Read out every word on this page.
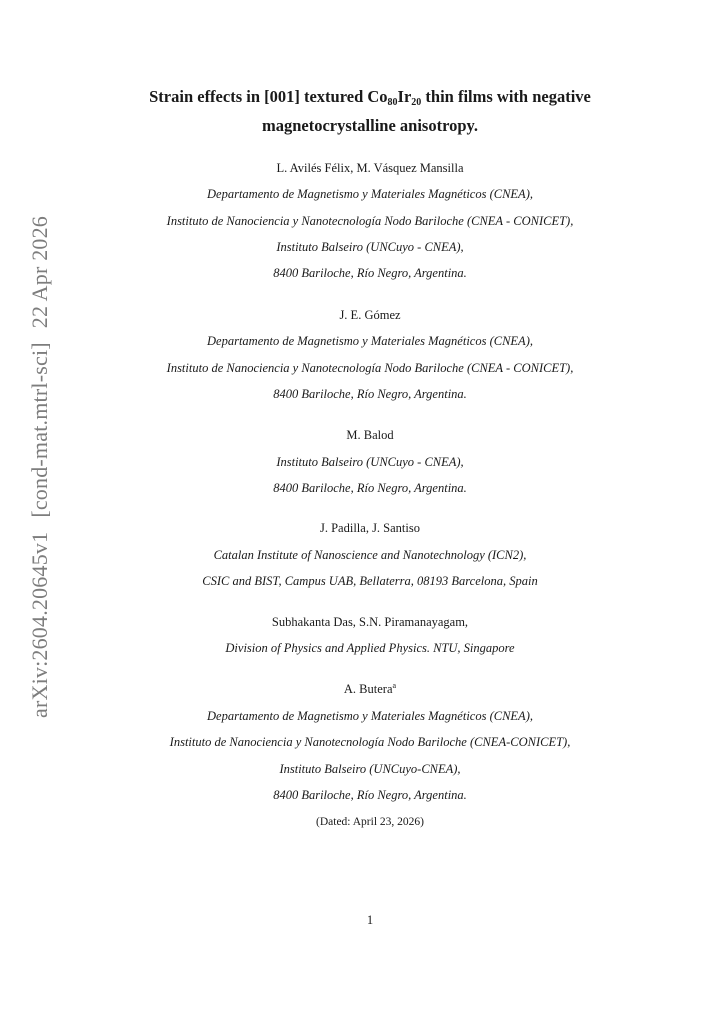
arXiv:2604.20645v1[cond-mat.mtrl-sci]22 Apr 2026
Strain effects in [001] textured $Co_{80}Ir_{20}$ thin films with negative
magnetocrystalline anisotropy.
L. Avilés Félix, M. Vásquez Mansilla
Departamento de Magnetismo y Materiales Magnéticos (CNEA),
Instituto de Nanociencia y Nanotecnología Nodo Bariloche (CNEA - CONICET),
Instituto Balseiro (UNCuyo - CNEA),
8400 Bariloche, Río Negro, Argentina.
J. E. Gómez
Departamento de Magnetismo y Materiales Magnéticos (CNEA),
Instituto de Nanociencia y Nanotecnología Nodo Bariloche (CNEA - CONICET),
8400 Bariloche, Río Negro, Argentina.
M. Balod
Instituto Balseiro (UNCuyo - CNEA),
8400 Bariloche, Río Negro, Argentina.
J. Padilla, J. Santiso
Catalan Institute of Nanoscience and Nanotechnology (ICN2),
CSIC and BIST, Campus UAB, Bellaterra, 08193 Barcelona, Spain
Subhakanta Das, S.N. Piramanayagam,
Division of Physics and Applied Physics. NTU, Singapore
A. Butera$^a$
Departamento de Magnetismo y Materiales Magnéticos (CNEA),
Instituto de Nanociencia y Nanotecnología Nodo Bariloche (CNEA-CONICET),
Instituto Balseiro (UNCuyo-CNEA),
8400 Bariloche, Río Negro, Argentina.
(Dated: April 23, 2026)
1
